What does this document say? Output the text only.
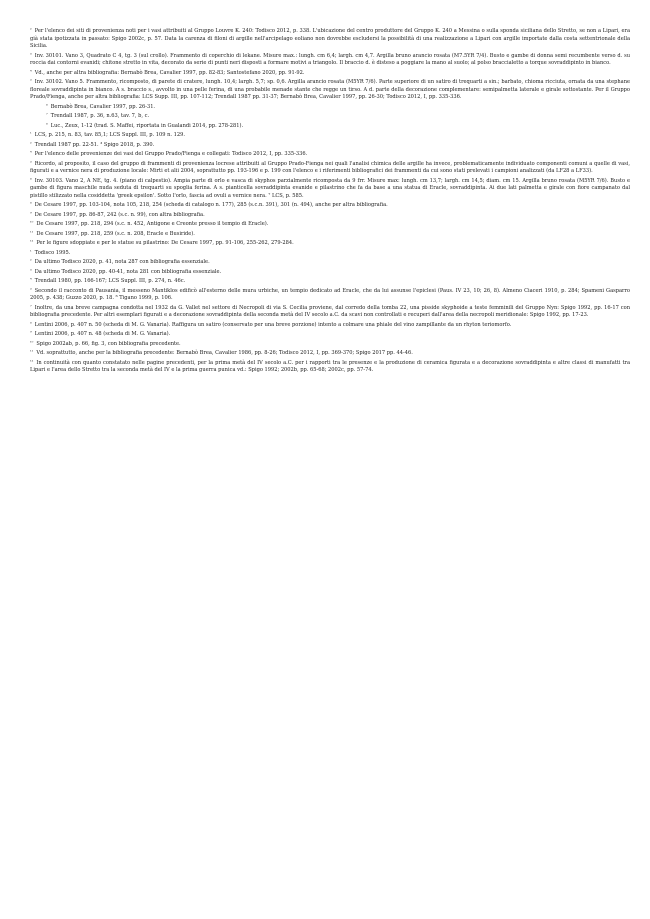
² Per l'elenco dei siti di provenienza noti per i vasi attribuiti al Gruppo Louvre K. 240: Todisco 2012, p. 338. L'ubicazione del centro produttore del Gruppo K. 240 a Messina o sulla sponda siciliana dello Stretto, se non a Lipari, era già stata ipotizzata in passato: Spigo 2002c, p. 57. Data la carenza di filoni di argille nell'arcipelago eoliano non dovrebbe escludersi la possibilità di una realizzazione a Lipari con argille importate dalla costa settentrionale della Sicilia.

³ Inv. 30101. Vano 3, Quadrato C 4, tg. 3 (sul crollo). Frammento di coperchio di lekane. Misure max.: lungh. cm 6,4; largh. cm 4,7. Argilla bruno arancio rosata (M7.5YR 7/4). Busto e gambe di donna semi recumbente verso d. su roccia dai contorni evanidi; chitone stretto in vita, decorato da serie di punti neri disposti a formare motivi a triangolo. Il braccio d. è disteso a poggiare la mano al suolo; al polso braccialetto a torque sovraddipinto in bianco.

⁴ Vd., anche per altra bibliografia: Bernabò Brea, Cavalier 1997, pp. 82-83; Santostefano 2020, pp. 91-92.

⁵ Inv. 30102. Vano 5. Frammento, ricomposto, di parete di cratere, lungh. 10,4; largh. 5,7; sp. 0,6. Argilla arancio rosata (M5YR 7/6). Parte superiore di un satiro di trequarti a sin.; barbato, chioma ricciuta, ornata da una stephane floreale sovraddipinta in bianco. A s. braccio s., avvolto in una pelle ferina, di una probabile menade stante che regge un tirso. A d. parte della decorazione complementare: semipalmetta laterale e girale sottostante. Per il Gruppo Prado/Fienga, anche per altra bibliografia: LCS Supp. III, pp. 107-112; Trendall 1987 pp. 31-37; Bernabò Brea, Cavalier 1997, pp. 26-30; Todisco 2012, I, pp. 335-336.

⁶ Bernabò Brea, Cavalier 1997, pp. 26-31.

⁷ Trendall 1987, p. 36, n.63, tav. 7, b, c.

⁸ Luc., Zeux, 1-12 (trad. S. Maffei, riportata in Gualandi 2014, pp. 278-281).

¹ LCS, p. 215, n. 83, tav. 85,1; LCS Suppl. III, p. 109 n. 129.

² Trendall 1987 pp. 22-51. ³ Spigo 2018, p. 390.

⁴ Per l'elenco delle provenienze dei vasi del Gruppo Prado/Fienga e collegati: Todisco 2012, I, pp. 335-336.

⁵ Ricordo, al proposito, il caso del gruppo di frammenti di provenienza locrese attribuiti al Gruppo Prado-Fienga nei quali l'analisi chimica delle argille ha invece, problematicamente individuato componenti comuni a quelle di vasi, figurati e a vernice nera di produzione locale: Mirti et alii 2004, soprattutto pp. 193-196 e p. 199 con l'elenco e i riferimenti bibliografici dei frammenti da cui sono stati prelevati i campioni analizzati (da LF28 a LF33).

⁶ Inv. 30103. Vano 2, A NE, tg. 4. (piano di calpestio). Ampia parte di orlo e vasca di skyphos parzialmente ricomposta da 9 frr. Misure max: lungh. cm 13,7; largh. cm 14,5; diam. cm 15. Argilla bruno rosata (M5YR 7/6). Busto e gambe di figura maschile nuda seduta di trequarti su spoglia ferina. A s. pianticella sovraddipinta evanide e pilastrino che fa da base a una statua di Eracle, sovraddipinta. Ai due lati palmetta e girale con fiore campanato dal pistillo stilizzato nella cosiddetta 'greek epsilon'. Sotto l'orlo, fascia ad ovuli a vernice nera. ⁷ LCS, p. 585.

⁸ De Cesare 1997, pp. 103-104, nota 105, 218, 254 (scheda di catalogo n. 177), 285 (s.c.n. 391), 301 (n. 494), anche per altra bibliografia.

⁹ De Cesare 1997, pp. 86-87, 242 (s.c. n. 99), con altra bibliografia.

¹⁰ De Cesare 1997, pp. 218, 294 (s.c. n. 452, Antigone e Creonte presso il tempio di Eracle).

¹¹ De Cesare 1997, pp. 218, 259 (s.c. n. 208, Eracle e Busiride).

¹² Per le figure sdoppiate e per le statue su pilastrino: De Cesare 1997, pp. 91-106, 255-262, 279-284.

¹ Todisco 1995.

² Da ultimo Todisco 2020, p. 41, nota 287 con bibliografia essenziale.

³ Da ultimo Todisco 2020, pp. 40-41, nota 281 con bibliografia essenziale.

⁴ Trendall 1980, pp. 166-167; LCS Suppl. III, p. 274, n. 46c.

⁵ Secondo il racconto di Pausania, il messeno Mantiklos edificò all'esterno delle mura urbiche, un tempio dedicato ad Eracle, che da lui assunse l'epiclesi (Paus. IV 23, 10; 26, 8). Almeno Ciaceri 1910, p. 284; Spameni Gasparro 2005, p. 438; Guzzo 2020, p. 18. ⁶ Tigano 1999, p. 106.

⁷ Inoltre, da una breve campagna condotta nel 1932 da G. Vallet nel settore di Necropoli di via S. Cecilia proviene, dal corredo della tomba 22, una pisside skyphoide a teste femminili del Gruppo Nyn: Spigo 1992, pp. 16-17 con bibliografia precedente. Per altri esemplari figurati e a decorazione sovraddipinta della seconda metà del IV secolo a.C. da scavi non controllati e recuperi dall'area della necropoli meridionale: Spigo 1992, pp. 17-23.

⁸ Lentini 2006, p. 407 n. 50 (scheda di M. G. Vanaria). Raffigura un satiro (conservato per una breve porzione) intento a colmare una phiale del vino zampillante da un rhyton teriomorfo.

⁹ Lentini 2006, p. 407 n. 48 (scheda di M. G. Vanaria).

¹⁰ Spigo 2002ab, p. 66, fig. 3, con bibliografia precedente.

¹¹ Vd. soprattutto, anche per la bibliografia precedente: Bernabò Brea, Cavalier 1986, pp. 8-26; Todisco 2012, I, pp. 369-370; Spigo 2017 pp. 44-46.

¹² In continuità con quanto constatato nelle pagine precedenti, per la prima metà del IV secolo a.C. per i rapporti tra le presenze e la produzione di ceramica figurata e a decorazione sovraddipinta e altre classi di manufatti tra Lipari e l'area dello Stretto tra la seconda metà del IV e la prima guerra punica vd.: Spigo 1992; 2002b, pp. 65-68; 2002c, pp. 57-74.
